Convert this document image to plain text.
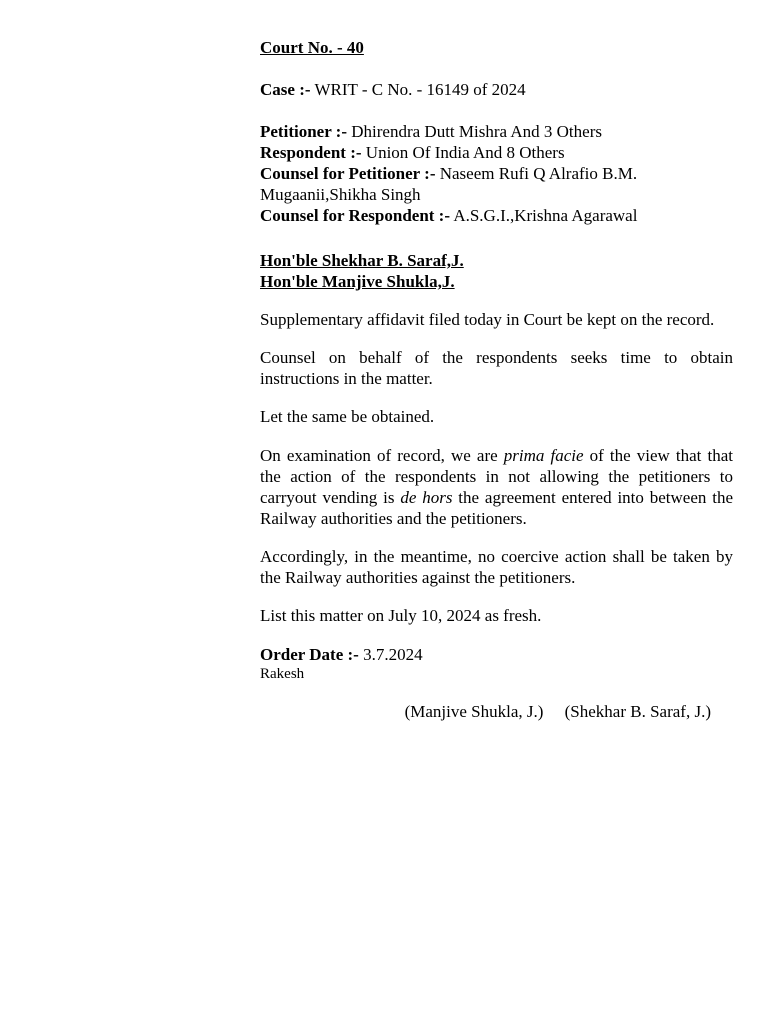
Court No. - 40

Case :- WRIT - C No. - 16149 of 2024

Petitioner :- Dhirendra Dutt Mishra And 3 Others

Respondent :- Union Of India And 8 Others

Counsel for Petitioner :- Naseem Rufi Q Alrafio B.M.

Mugaanii,Shikha Singh

Counsel for Respondent :- A.S.G.I.,Krishna Agarawal

Hon'ble Shekhar B. Saraf,J.

Hon'ble Manjive Shukla,J.

Supplementary affidavit filed today in Court be kept on the record.

Counsel on behalf of the respondents seeks time to obtain instructions in the matter.

Let the same be obtained.

On examination of record, we are prima facie of the view that that the action of the respondents in not allowing the petitioners to carryout vending is de hors the agreement entered into between the Railway authorities and the petitioners.

Accordingly, in the meantime, no coercive action shall be taken by the Railway authorities against the petitioners.

List this matter on July 10, 2024 as fresh.

Order Date :- 3.7.2024

Rakesh

(Manjive Shukla, J.)     (Shekhar B. Saraf, J.)
